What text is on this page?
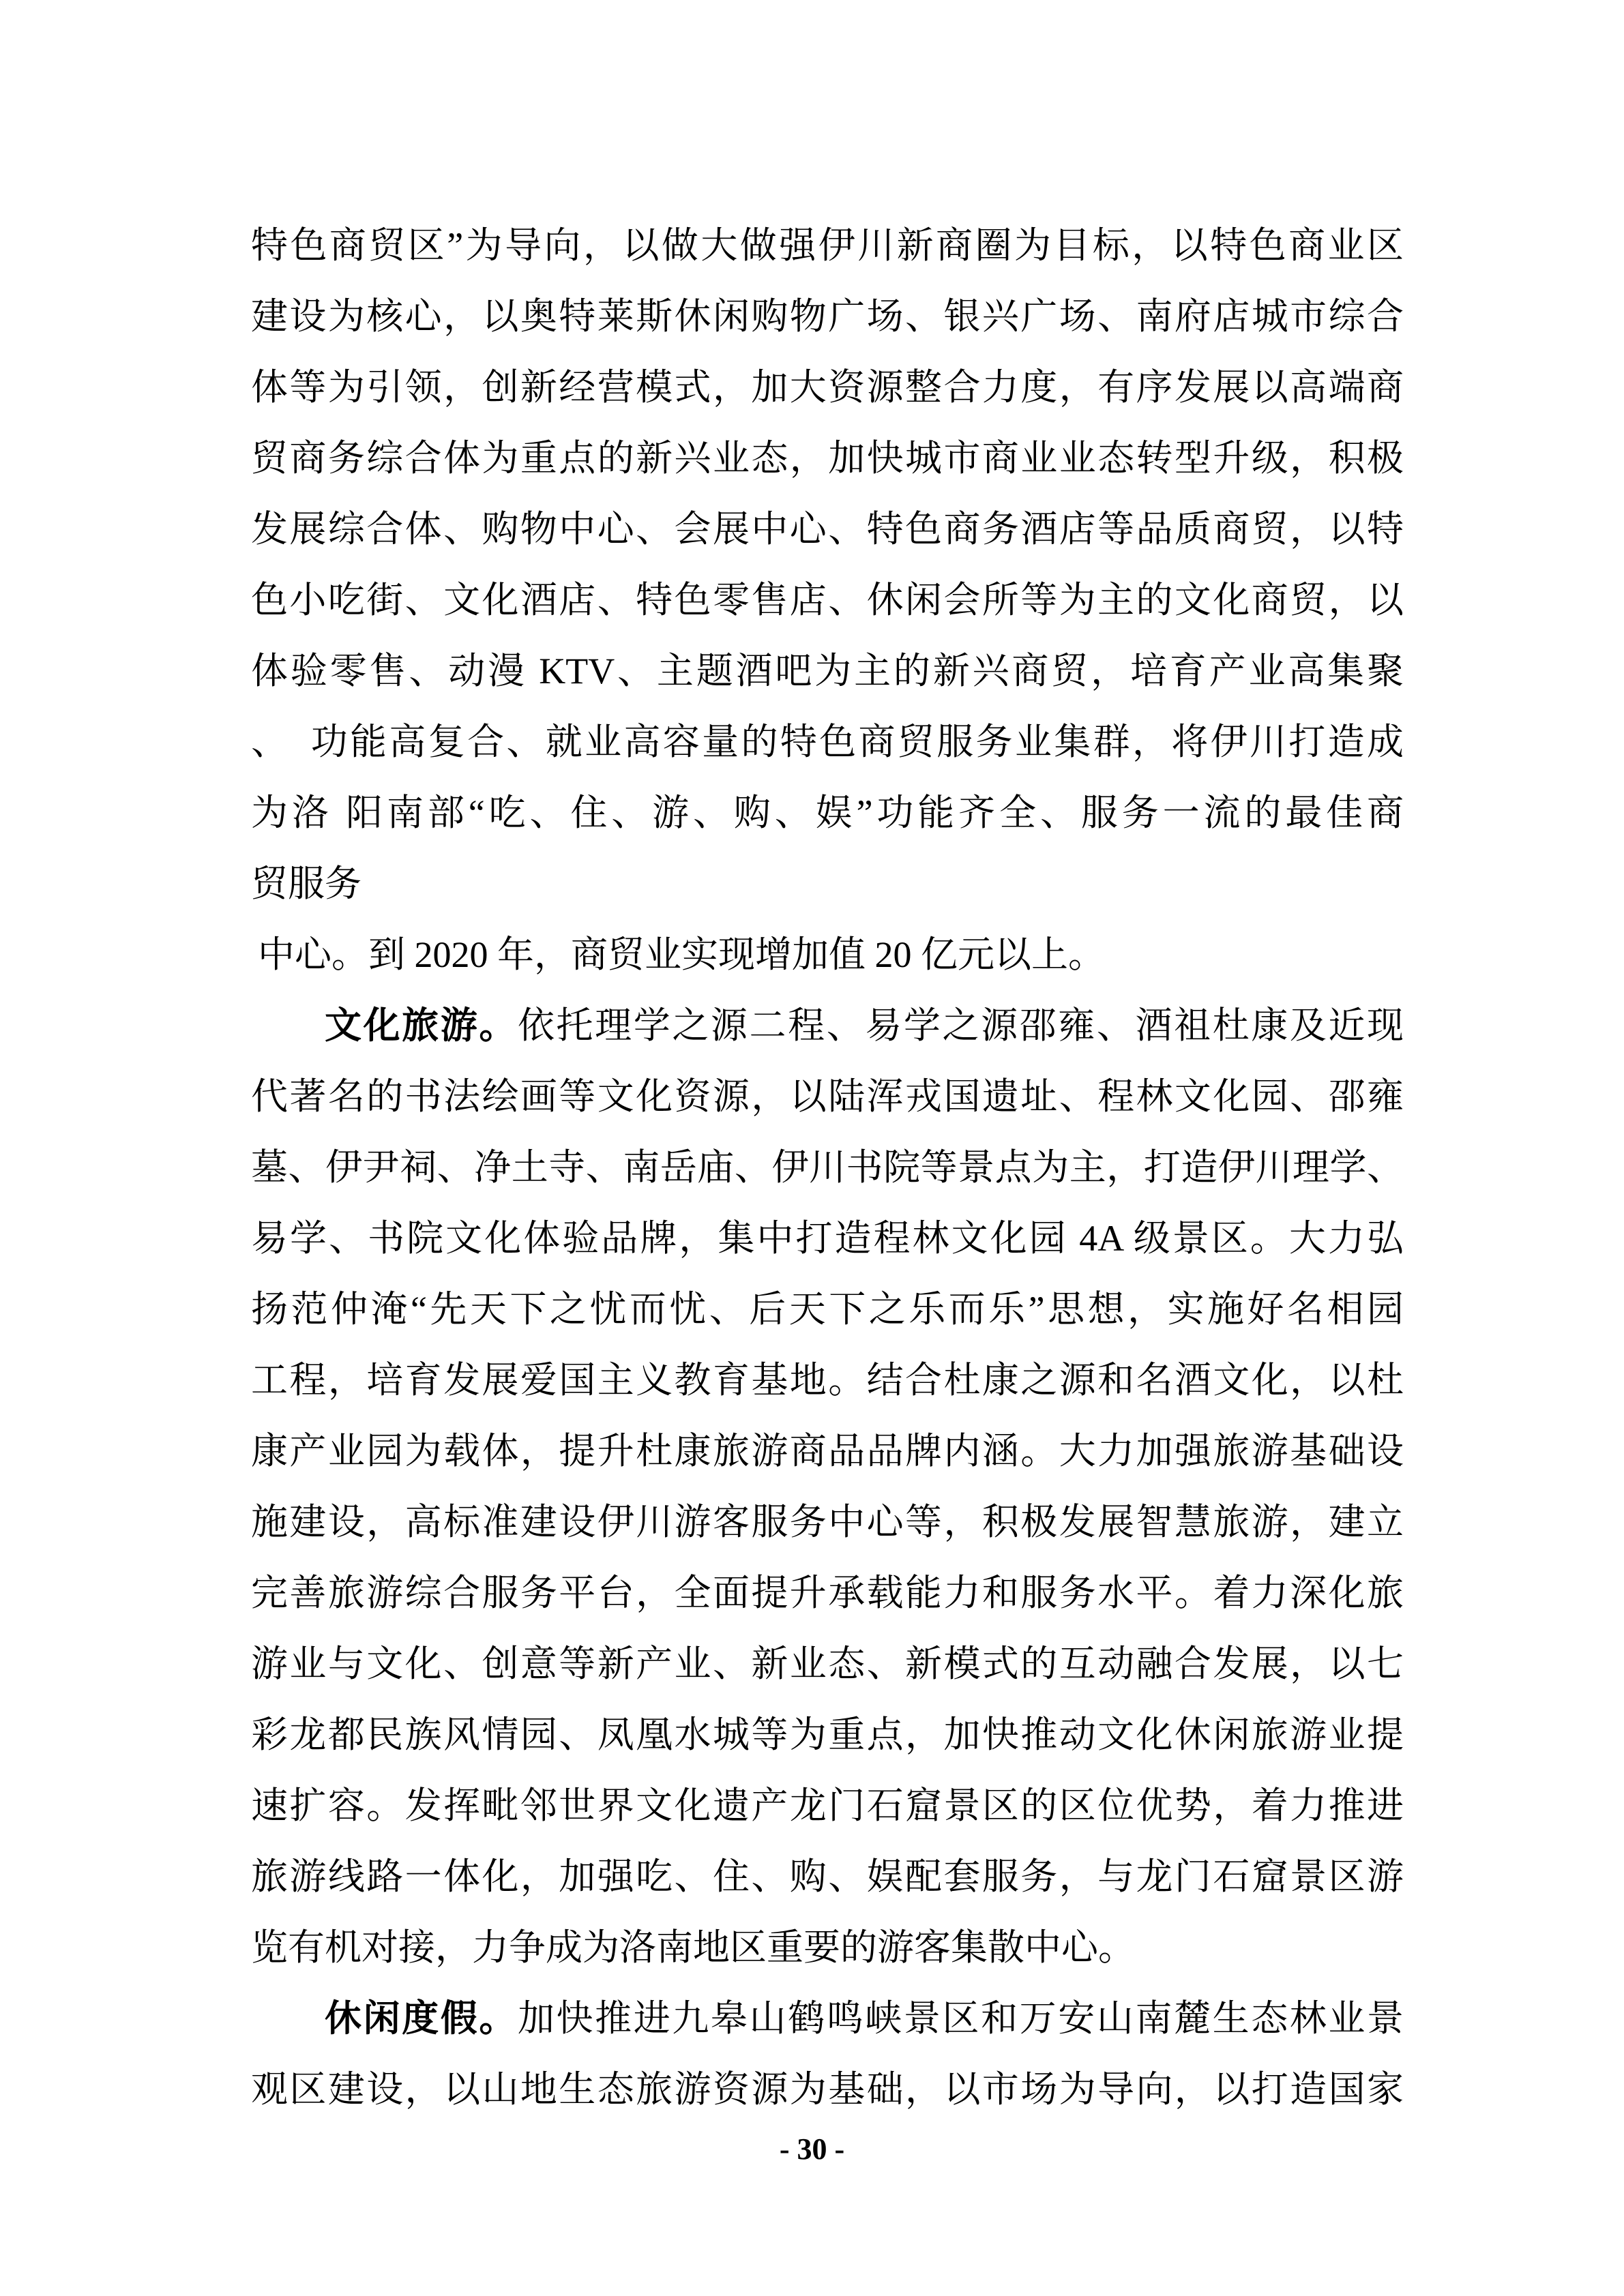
特色商贸区”为导向，以做大做强伊川新商圈为目标，以特色商业区
建设为核心，以奥特莱斯休闲购物广场、银兴广场、南府店城市综合
体等为引领，创新经营模式，加大资源整合力度，有序发展以高端商
贸商务综合体为重点的新兴业态，加快城市商业业态转型升级，积极
发展综合体、购物中心、会展中心、特色商务酒店等品质商贸，以特
色小吃街、文化酒店、特色零售店、休闲会所等为主的文化商贸，以
体验零售、动漫 KTV、主题酒吧为主的新兴商贸，培育产业高集聚
、　功能高复合、就业高容量的特色商贸服务业集群，将伊川打造成
为洛 阳南部“吃、住、游、购、娱”功能齐全、服务一流的最佳商
贸服务
中心。到 2020 年，商贸业实现增加值 20 亿元以上。
文化旅游。依托理学之源二程、易学之源邵雍、酒祖杜康及近现
代著名的书法绘画等文化资源，以陆浑戎国遗址、程林文化园、邵雍
墓、伊尹祠、净土寺、南岳庙、伊川书院等景点为主，打造伊川理学、
易学、书院文化体验品牌，集中打造程林文化园 4A 级景区。大力弘
扬范仲淹“先天下之忧而忧、后天下之乐而乐”思想，实施好名相园
工程，培育发展爱国主义教育基地。结合杜康之源和名酒文化，以杜
康产业园为载体，提升杜康旅游商品品牌内涵。大力加强旅游基础设
施建设，高标准建设伊川游客服务中心等，积极发展智慧旅游，建立
完善旅游综合服务平台，全面提升承载能力和服务水平。着力深化旅
游业与文化、创意等新产业、新业态、新模式的互动融合发展，以七
彩龙都民族风情园、凤凰水城等为重点，加快推动文化休闲旅游业提
速扩容。发挥毗邻世界文化遗产龙门石窟景区的区位优势，着力推进
旅游线路一体化，加强吃、住、购、娱配套服务，与龙门石窟景区游
览有机对接，力争成为洛南地区重要的游客集散中心。
休闲度假。加快推进九皋山鹤鸣峡景区和万安山南麓生态林业景
观区建设，以山地生态旅游资源为基础，以市场为导向，以打造国家
- 30 -
